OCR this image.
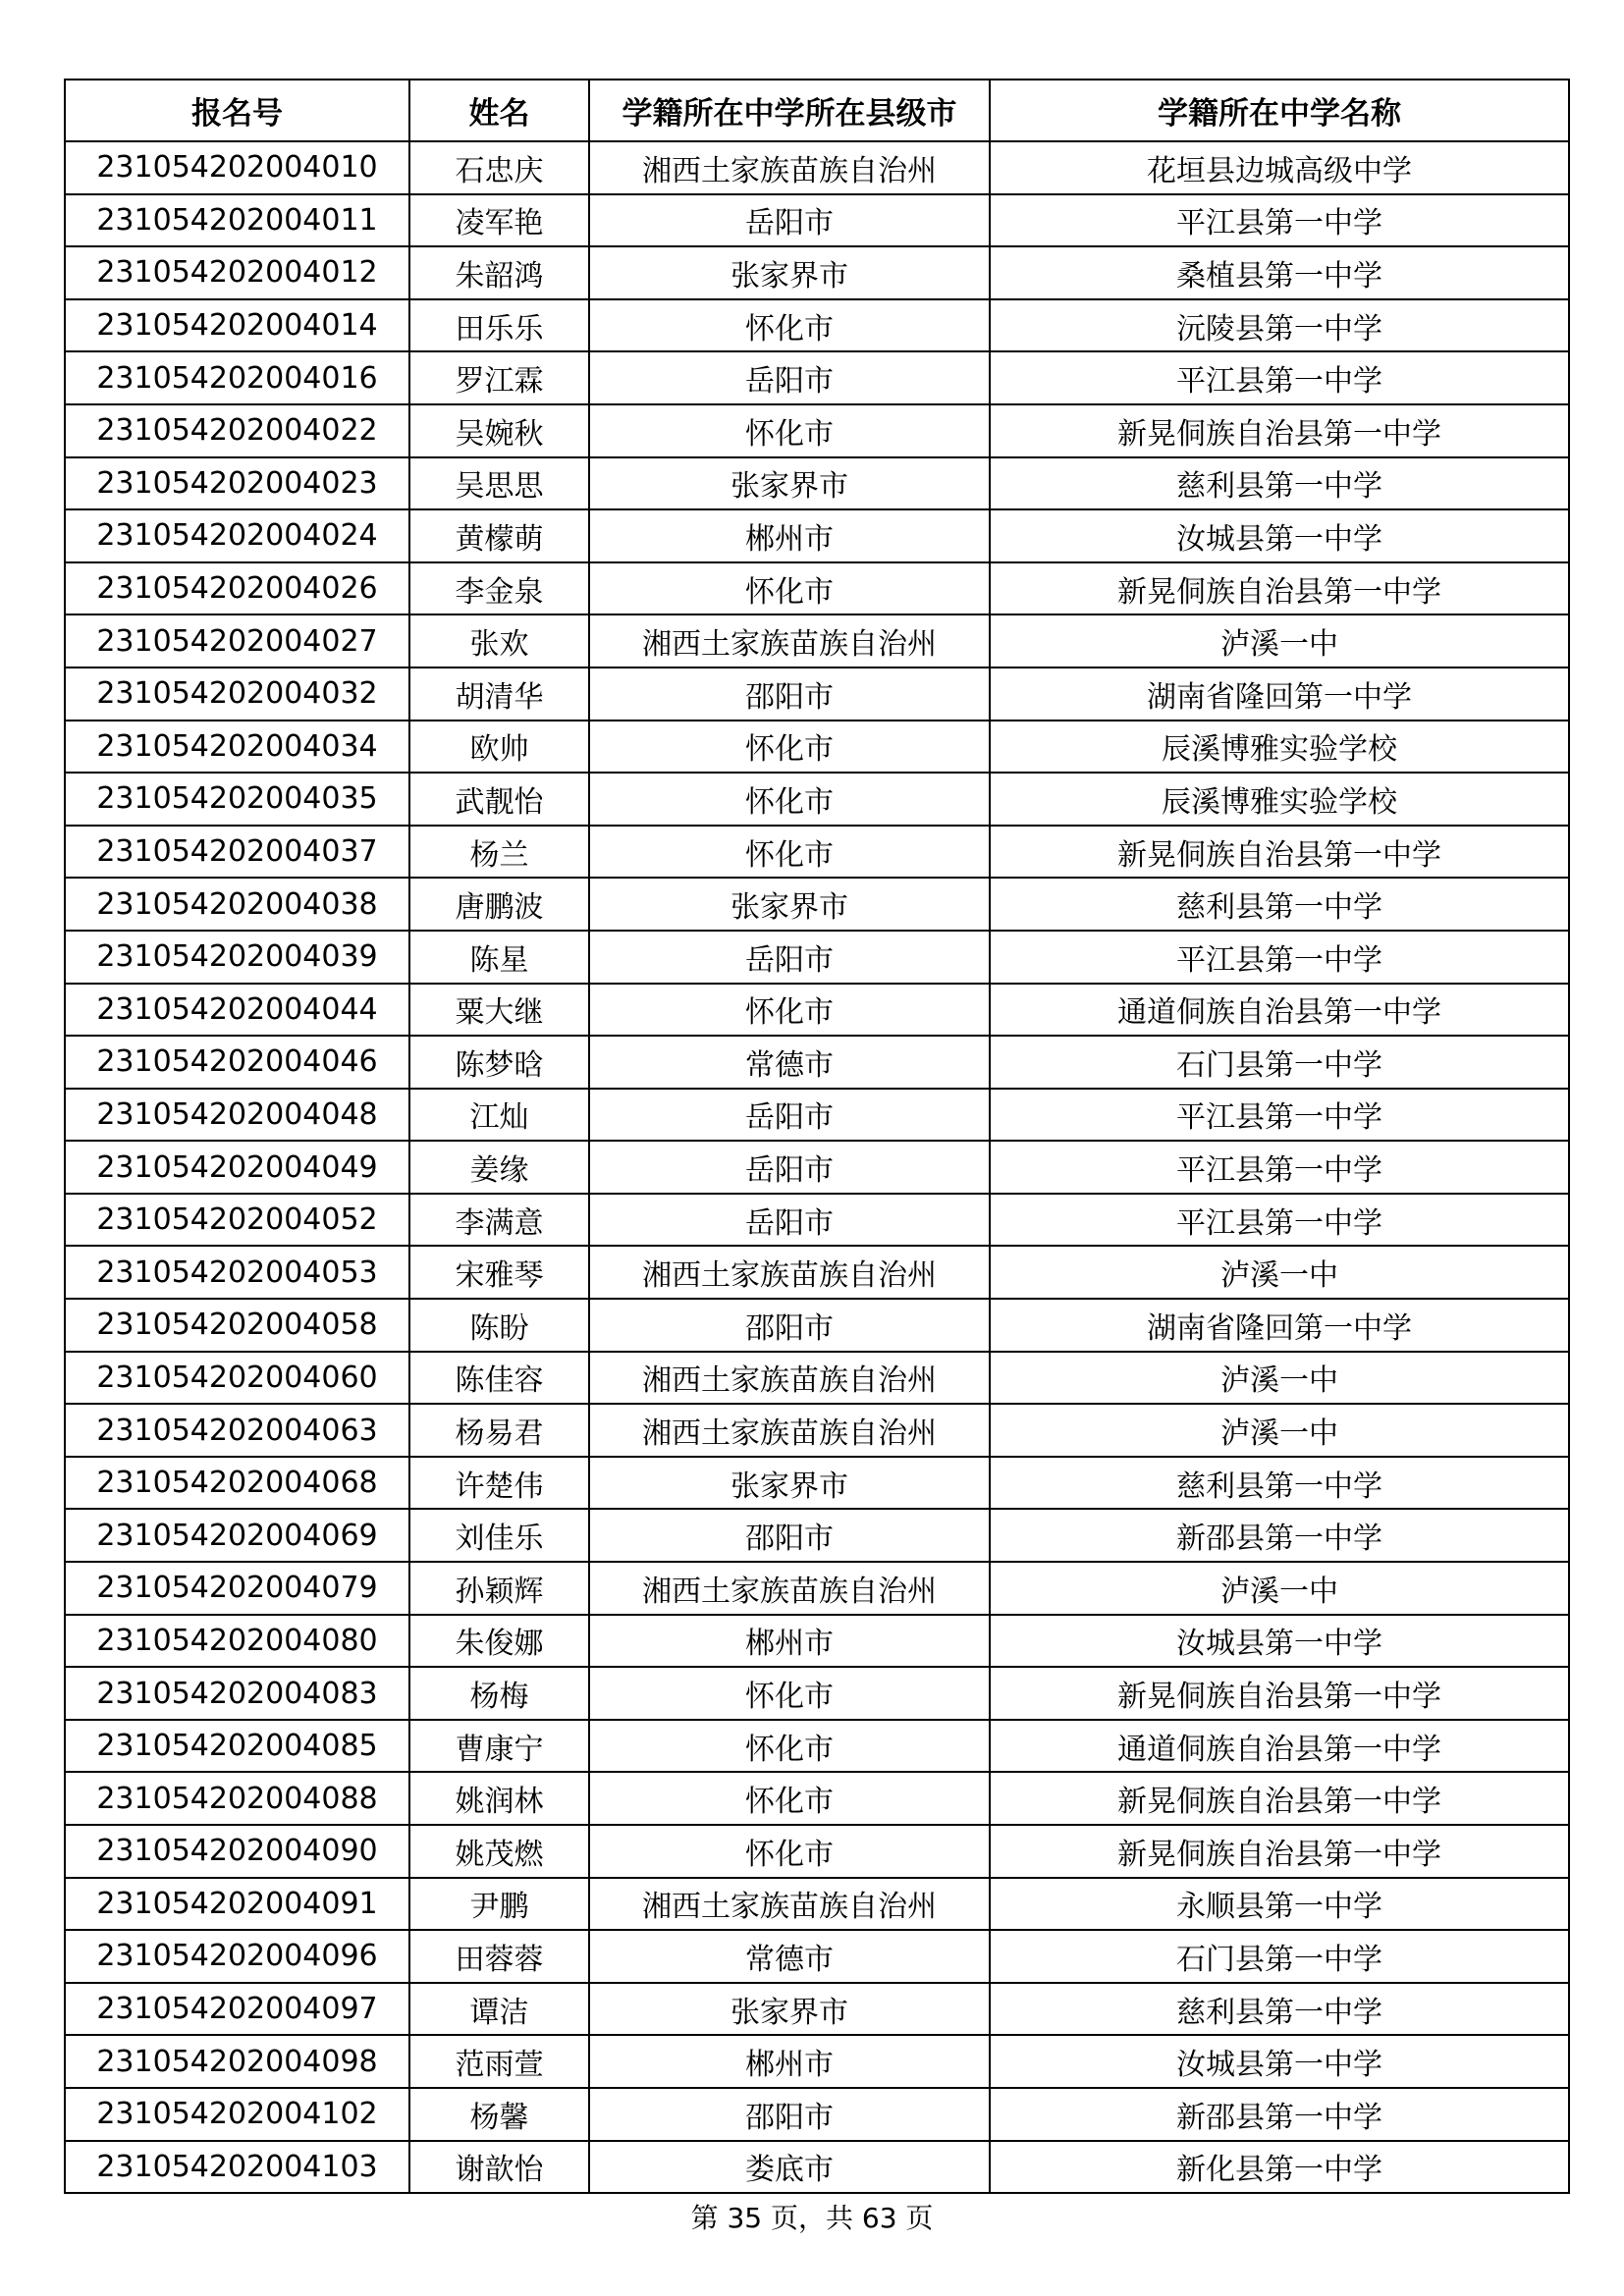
报名号	姓名	学籍所在中学所在县级市	学籍所在中学名称
231054202004010	石忠庆	湘西土家族苗族自治州	花垣县边城高级中学
231054202004011	凌军艳	岳阳市	平江县第一中学
231054202004012	朱韶鸿	张家界市	桑植县第一中学
231054202004014	田乐乐	怀化市	沅陵县第一中学
231054202004016	罗江霖	岳阳市	平江县第一中学
231054202004022	吴婉秋	怀化市	新晃侗族自治县第一中学
231054202004023	吴思思	张家界市	慈利县第一中学
231054202004024	黄檬萌	郴州市	汝城县第一中学
231054202004026	李金泉	怀化市	新晃侗族自治县第一中学
231054202004027	张欢	湘西土家族苗族自治州	泸溪一中
231054202004032	胡清华	邵阳市	湖南省隆回第一中学
231054202004034	欧帅	怀化市	辰溪博雅实验学校
231054202004035	武靓怡	怀化市	辰溪博雅实验学校
231054202004037	杨兰	怀化市	新晃侗族自治县第一中学
231054202004038	唐鹏波	张家界市	慈利县第一中学
231054202004039	陈星	岳阳市	平江县第一中学
231054202004044	粟大继	怀化市	通道侗族自治县第一中学
231054202004046	陈梦晗	常德市	石门县第一中学
231054202004048	江灿	岳阳市	平江县第一中学
231054202004049	姜缘	岳阳市	平江县第一中学
231054202004052	李满意	岳阳市	平江县第一中学
231054202004053	宋雅琴	湘西土家族苗族自治州	泸溪一中
231054202004058	陈盼	邵阳市	湖南省隆回第一中学
231054202004060	陈佳容	湘西土家族苗族自治州	泸溪一中
231054202004063	杨易君	湘西土家族苗族自治州	泸溪一中
231054202004068	许楚伟	张家界市	慈利县第一中学
231054202004069	刘佳乐	邵阳市	新邵县第一中学
231054202004079	孙颖辉	湘西土家族苗族自治州	泸溪一中
231054202004080	朱俊娜	郴州市	汝城县第一中学
231054202004083	杨梅	怀化市	新晃侗族自治县第一中学
231054202004085	曹康宁	怀化市	通道侗族自治县第一中学
231054202004088	姚润林	怀化市	新晃侗族自治县第一中学
231054202004090	姚茂燃	怀化市	新晃侗族自治县第一中学
231054202004091	尹鹏	湘西土家族苗族自治州	永顺县第一中学
231054202004096	田蓉蓉	常德市	石门县第一中学
231054202004097	谭洁	张家界市	慈利县第一中学
231054202004098	范雨萱	郴州市	汝城县第一中学
231054202004102	杨馨	邵阳市	新邵县第一中学
231054202004103	谢歆怡	娄底市	新化县第一中学
第 35 页，共 63 页
